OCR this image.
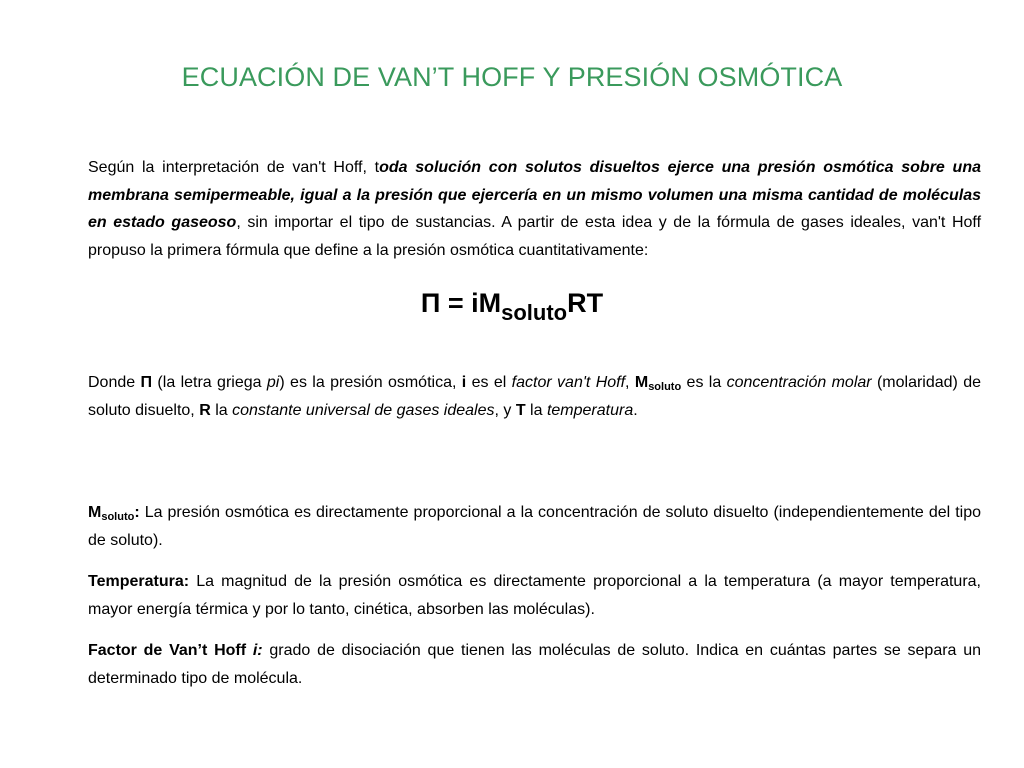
ECUACIÓN DE VAN’T HOFF Y PRESIÓN OSMÓTICA
Según la interpretación de van't Hoff, toda solución con solutos disueltos ejerce una presión osmótica sobre una membrana semipermeable, igual a la presión que ejercería en un mismo volumen una misma cantidad de moléculas en estado gaseoso, sin importar el tipo de sustancias. A partir de esta idea y de la fórmula de gases ideales, van't Hoff propuso la primera fórmula que define a la presión osmótica cuantitativamente:
$\Pi = iM_{soluto}RT$
Donde Π (la letra griega pi) es la presión osmótica, i es el factor van't Hoff, $M_{soluto}$ es la concentración molar (molaridad) de soluto disuelto, R la constante universal de gases ideales, y T la temperatura.
$M_{soluto}$: La presión osmótica es directamente proporcional a la concentración de soluto disuelto (independientemente del tipo de soluto).
Temperatura: La magnitud de la presión osmótica es directamente proporcional a la temperatura (a mayor temperatura, mayor energía térmica y por lo tanto, cinética, absorben las moléculas).
Factor de Van’t Hoff i: grado de disociación que tienen las moléculas de soluto. Indica en cuántas partes se separa un determinado tipo de molécula.
